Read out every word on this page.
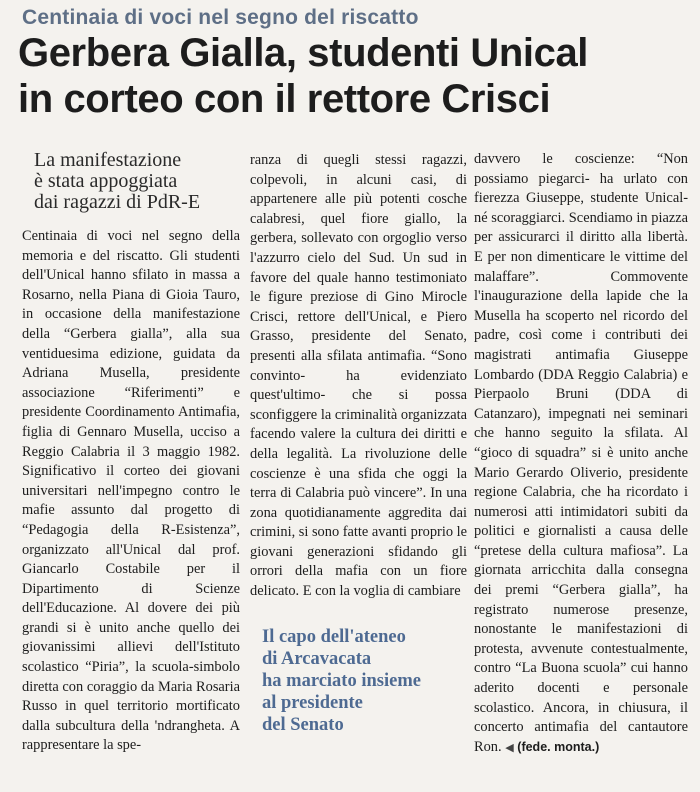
Centinaia di voci nel segno del riscatto
Gerbera Gialla, studenti Unical
in corteo con il rettore Crisci
La manifestazione
è stata appoggiata
dai ragazzi di PdR-E

Centinaia di voci nel segno della memoria e del riscatto. Gli studenti dell'Unical hanno sfilato in massa a Rosarno, nella Piana di Gioia Tauro, in occasione della manifestazione della “Gerbera gialla”, alla sua ventiduesima edizione, guidata da Adriana Musella, presidente associazione “Riferimenti” e presidente Coordinamento Antimafia, figlia di Gennaro Musella, ucciso a Reggio Calabria il 3 maggio 1982. Significativo il corteo dei giovani universitari nell'impegno contro le mafie assunto dal progetto di “Pedagogia della R-Esistenza”, organizzato all'Unical dal prof. Giancarlo Costabile per il Dipartimento di Scienze dell'Educazione. Al dovere dei più grandi si è unito anche quello dei giovanissimi allievi dell'Istituto scolastico “Piria”, la scuola-simbolo diretta con coraggio da Maria Rosaria Russo in quel territorio mortificato dalla subcultura della 'ndrangheta. A rappresentare la spe-

ranza di quegli stessi ragazzi, colpevoli, in alcuni casi, di appartenere alle più potenti cosche calabresi, quel fiore giallo, la gerbera, sollevato con orgoglio verso l'azzurro cielo del Sud. Un sud in favore del quale hanno testimoniato le figure preziose di Gino Mirocle Crisci, rettore dell'Unical, e Piero Grasso, presidente del Senato, presenti alla sfilata antimafia. “Sono convinto- ha evidenziato quest'ultimo- che si possa sconfiggere la criminalità organizzata facendo valere la cultura dei diritti e della legalità. La rivoluzione delle coscienze è una sfida che oggi la terra di Calabria può vincere”. In una zona quotidianamente aggredita dai crimini, si sono fatte avanti proprio le giovani generazioni sfidando gli orrori della mafia con un fiore delicato. E con la voglia di cambiare

Il capo dell'ateneo
di Arcavacata
ha marciato insieme
al presidente
del Senato

davvero le coscienze: “Non possiamo piegarci- ha urlato con fierezza Giuseppe, studente Unical- né scoraggiarci. Scendiamo in piazza per assicurarci il diritto alla libertà. E per non dimenticare le vittime del malaffare”. Commovente l'inaugurazione della lapide che la Musella ha scoperto nel ricordo del padre, così come i contributi dei magistrati antimafia Giuseppe Lombardo (DDA Reggio Calabria) e Pierpaolo Bruni (DDA di Catanzaro), impegnati nei seminari che hanno seguito la sfilata. Al “gioco di squadra” si è unito anche Mario Gerardo Oliverio, presidente regione Calabria, che ha ricordato i numerosi atti intimidatori subiti da politici e giornalisti a causa delle “pretese della cultura mafiosa”. La giornata arricchita dalla consegna dei premi “Gerbera gialla”, ha registrato numerose presenze, nonostante le manifestazioni di protesta, avvenute contestualmente, contro “La Buona scuola” cui hanno aderito docenti e personale scolastico. Ancora, in chiusura, il concerto antimafia del cantautore Ron. ◀ (fede. monta.)
